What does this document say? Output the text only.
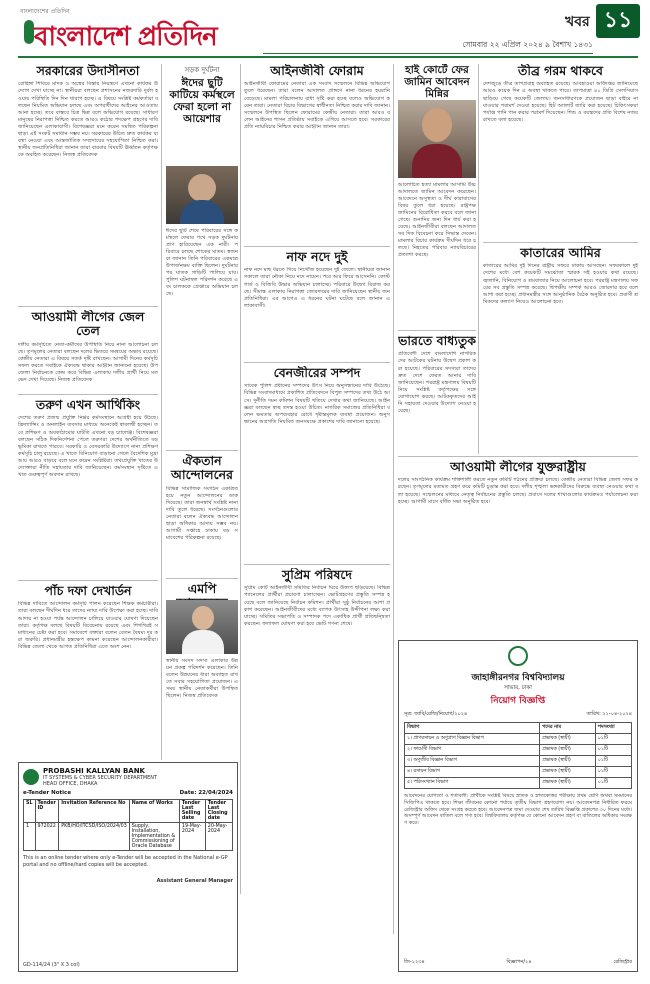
বাংলাদেশের প্রতিদিন
বাংলাদেশ প্রতিদিন	খবর ১১
সোমবার ২২ এপ্রিল ২০২৪ ৯ বৈশাখ ১৪৩১
সরকারের উদাসীনতা
রোহিঙ্গা শিবিরে মাদক ও অস্ত্রের বিস্তার নিয়ন্ত্রণে এখনো কার্যকর উদ্যোগ দেখা যাচ্ছে না। স্থানীয়রা বলছেন প্রশাসনের নজরদারি দুর্বল হওয়ায় পরিস্থিতি দিন দিন খারাপ হচ্ছে। এ বিষয়ে সংশ্লিষ্ট কর্মকর্তারা বলছেন নিয়মিত অভিযান চলছে এবং অপরাধীদের আইনের আওতায় আনা হচ্ছে। তবে বাস্তবে চিত্র ভিন্ন বলে অভিযোগ রয়েছে। সাধারণ মানুষের নিরাপত্তা নিশ্চিত করতে আরও কঠোর পদক্ষেপ গ্রহণের দাবি জানিয়েছেন এলাকাবাসী। বিশেষজ্ঞরা মনে করেন সমন্বিত পরিকল্পনা ছাড়া এই সংকট সমাধান সম্ভব নয়। সরকারের উচিত দ্রুত কার্যকর ব্যবস্থা নেওয়া এবং আন্তর্জাতিক সম্প্রদায়ের সহযোগিতা নিশ্চিত করা। স্থানীয় জনপ্রতিনিধিরা জানান তারা বারবার বিষয়টি ঊর্ধ্বতন কর্তৃপক্ষকে অবহিত করেছেন। নিজস্ব প্রতিবেদক
আওয়ামী লীগের জেল তেল
দলীয় কর্মসূচিতে নেতা-কর্মীদের উপস্থিতি নিয়ে নানা আলোচনা চলছে। তৃণমূলের নেতারা বলছেন দলের ভিতরে সমন্বয়ের অভাব রয়েছে। কেন্দ্রীয় নেতারা এ বিষয়ে সতর্ক দৃষ্টি রাখছেন। আগামী দিনের কর্মসূচি সফল করতে সবাইকে ঐক্যবদ্ধ থাকার আহ্বান জানানো হয়েছে। উপজেলা নির্বাচনকে কেন্দ্র করে বিভিন্ন এলাকায় দলীয় প্রার্থী নিয়ে মতভেদ দেখা দিয়েছে। নিজস্ব প্রতিবেদক
তরুণ এখন আর্থিকিং
দেশের তরুণ প্রজন্ম প্রযুক্তি নির্ভর কর্মসংস্থানে আগ্রহী হয়ে উঠছে। ফ্রিল্যান্সিং ও অনলাইন ব্যবসার মাধ্যমে অনেকেই স্বাবলম্বী হচ্ছেন। তবে প্রশিক্ষণ ও অবকাঠামোর ঘাটতি এখনো বড় চ্যালেঞ্জ। বিশেষজ্ঞরা বলছেন সঠিক দিকনির্দেশনা পেলে তরুণরা দেশের অর্থনীতিতে বড় ভূমিকা রাখতে পারবে। সরকারি ও বেসরকারি উদ্যোগে নানা প্রশিক্ষণ কর্মসূচি চালু রয়েছে। এ খাতে বিনিয়োগ বাড়ানো গেলে বৈদেশিক মুদ্রা আয় আরও বাড়বে বলে মনে করেন সংশ্লিষ্টরা। তথ্যপ্রযুক্তি খাতের উদ্যোক্তারা নীতি সহায়তার দাবি জানিয়েছেন। কর্মসংস্থান সৃষ্টিতে এ খাত গুরুত্বপূর্ণ অবদান রাখছে।
পাঁচ দফা দেখার্ডন
বিভিন্ন দাবিতে আন্দোলন কর্মসূচি পালন করেছেন শিক্ষক কর্মচারীরা। তারা বলছেন দীর্ঘদিন ধরে তাদের ন্যায্য দাবি উপেক্ষা করা হচ্ছে। দাবি আদায় না হওয়া পর্যন্ত আন্দোলন চালিয়ে যাওয়ার ঘোষণা দিয়েছেন তারা। কর্তৃপক্ষ বলছে বিষয়টি বিবেচনায় রয়েছে এবং শিগগিরই সমাধানের চেষ্টা করা হবে। সমাবেশে বক্তারা বলেন বেতন বৈষম্য দূর করা জরুরি। প্রধানমন্ত্রীর হস্তক্ষেপ কামনা করেছেন আন্দোলনকারীরা। বিভিন্ন জেলা থেকে আগত প্রতিনিধিরা এতে অংশ নেন।
সড়ক দুর্ঘটনা
ঈদের ছুটি কাটিয়ে কর্মস্থলে ফেরা হলো না আয়েশার
ঈদের ছুটি শেষে পরিবারের সঙ্গে কর্মস্থলে ফেরার পথে সড়ক দুর্ঘটনায় প্রাণ হারিয়েছেন এক নারী। পরিবারে চলছে শোকের মাতম। স্বজনরা জানান তিনি পরিবারের একমাত্র উপার্জনক্ষম ব্যক্তি ছিলেন। দুর্ঘটনার পর ঘাতক গাড়িটি পালিয়ে যায়। পুলিশ ঘটনাস্থল পরিদর্শন করেছে এবং চালককে গ্রেপ্তারে অভিযান চলছে।
ঐকতান আন্দোলনের
বিভিন্ন সামাজিক সংগঠন একত্রিত হয়ে নতুন আন্দোলনের ডাক দিয়েছে। তারা জনস্বার্থ সংশ্লিষ্ট নানা দাবি তুলে ধরেছে। সংগঠনগুলোর নেতারা বলেন ঐক্যবদ্ধ আন্দোলন ছাড়া অধিকার আদায় সম্ভব নয়। আগামী সপ্তাহে ঢাকায় বড় সমাবেশের পরিকল্পনা রয়েছে।
এমপি
স্থানীয় সংসদ সদস্য এলাকার উন্নয়ন প্রকল্প পরিদর্শন করেছেন। তিনি বলেন উন্নয়নের ধারা অব্যাহত রাখতে সবার সহযোগিতা প্রয়োজন। এ সময় স্থানীয় নেতাকর্মীরা উপস্থিত ছিলেন। নিজস্ব প্রতিবেদক
আইনজীবী ফোরাম
আইনজীবী ফোরামের নেতারা এক সংবাদ সম্মেলনে বিভিন্ন অভিযোগ তুলে ধরেছেন। তারা বলেন আদালত প্রাঙ্গণে নানা ধরনের হয়রানি বেড়েছে। মামলা পরিচালনায় বাধা সৃষ্টি করা হচ্ছে বলেও অভিযোগ করেন তারা। নেতারা বিচার বিভাগের স্বাধীনতা নিশ্চিত করার দাবি জানান। সম্মেলনে উপস্থিত ছিলেন ফোরামের কেন্দ্রীয় নেতারা। তারা আরও বলেন আইনের শাসন প্রতিষ্ঠায় সবাইকে এগিয়ে আসতে হবে। সরকারের প্রতি ন্যায়বিচার নিশ্চিত করার আহ্বান জানান তারা।
নাফ নদে দুই
নাফ নদে মাছ ধরতে গিয়ে নিখোঁজ হয়েছেন দুই জেলে। স্থানীয়রা জানান সকালে তারা নৌকা নিয়ে নদে নামেন। পরে আর ফিরে আসেননি। কোস্টগার্ড ও বিজিবি উদ্ধার অভিযান চালাচ্ছে। পরিবারে উদ্বেগ বিরাজ করছে। সীমান্ত এলাকায় নিরাপত্তা জোরদারের দাবি জানিয়েছেন স্থানীয় জনপ্রতিনিধিরা। এর আগেও এ ধরনের ঘটনা ঘটেছে বলে জানান এলাকাবাসী।
বেনজীরের সম্পদ
সাবেক পুলিশ প্রধানের সম্পদের উৎস নিয়ে অনুসন্ধানের দাবি উঠেছে। বিভিন্ন সংবাদমাধ্যমে প্রকাশিত প্রতিবেদনে বিপুল সম্পদের তথ্য উঠে আসে। দুর্নীতি দমন কমিশন বিষয়টি খতিয়ে দেখার কথা জানিয়েছে। আইনজ্ঞরা বলছেন স্বচ্ছ তদন্ত হওয়া উচিত। নাগরিক সমাজের প্রতিনিধিরা বলেন ক্ষমতার অপব্যবহার রোধে দৃষ্টান্তমূলক ব্যবস্থা প্রয়োজন। অনুসন্ধানের অগ্রগতি নিয়মিত জনসমক্ষে প্রকাশের দাবি জানানো হয়েছে।
সুপ্রিম পরিষদে
সুপ্রিম কোর্ট আইনজীবী সমিতির নির্বাচন ঘিরে উত্তাপ ছড়িয়েছে। বিভিন্ন প্যানেলের প্রার্থীরা প্রচারণা চালাচ্ছেন। ভোটগ্রহণের প্রস্তুতি সম্পন্ন হয়েছে বলে জানিয়েছে নির্বাচন কমিশন। প্রার্থীরা সুষ্ঠু নির্বাচনের আশা প্রকাশ করেছেন। আইনজীবীদের মধ্যে ব্যাপক উৎসাহ উদ্দীপনা লক্ষ্য করা যাচ্ছে। সমিতির সভাপতি ও সম্পাদক পদে একাধিক প্রার্থী প্রতিদ্বন্দ্বিতা করছেন। ফলাফল ঘোষণা করা হবে ভোট গণনা শেষে।
হাই কোর্টে ফের জামিন আবেদন মিন্নির
আলোচিত হত্যা মামলার আসামি উচ্চ আদালতে জামিন আবেদন করেছেন। আবেদনে অসুস্থতা ও দীর্ঘ কারাবাসের বিষয় তুলে ধরা হয়েছে। রাষ্ট্রপক্ষ জামিনের বিরোধিতা করবে বলে জানা গেছে। শুনানির জন্য দিন ধার্য করা হয়েছে। আইনজীবীরা বলছেন আদালত সব দিক বিবেচনা করে সিদ্ধান্ত দেবেন। মামলার বিচার কার্যক্রম দীর্ঘদিন ধরে চলছে। নিহতের পরিবার ন্যায়বিচারের প্রত্যাশা করছে।
ভারতে বাধ্যতুক
প্রতিবেশী দেশে বাংলাদেশি নাগরিকদের আটকের ঘটনায় উদ্বেগ প্রকাশ করা হয়েছে। পরিবারের সদস্যরা তাদের দ্রুত দেশে ফেরত আনার দাবি জানিয়েছেন। পররাষ্ট্র মন্ত্রণালয় বিষয়টি নিয়ে সংশ্লিষ্ট কর্তৃপক্ষের সঙ্গে যোগাযোগ করছে। আটককৃতদের আইনি সহায়তা দেওয়ার উদ্যোগ নেওয়া হয়েছে।
তীব্র গরম থাকবে
দেশজুড়ে তীব্র তাপপ্রবাহ অব্যাহত রয়েছে। আবহাওয়া অধিদপ্তর জানিয়েছে আরও কয়েক দিন এ অবস্থা থাকতে পারে। তাপমাত্রা ৪০ ডিগ্রি সেলসিয়াস ছাড়িয়ে গেছে কয়েকটি জেলায়। জনসাধারণকে প্রয়োজন ছাড়া বাইরে না যাওয়ার পরামর্শ দেওয়া হয়েছে। হিট অ্যালার্ট জারি করা হয়েছে। চিকিৎসকরা পর্যাপ্ত পানি পান করার পরামর্শ দিয়েছেন। শিশু ও বয়স্কদের প্রতি বিশেষ নজর রাখতে বলা হয়েছে।
কাতারের আমির
কাতারের আমির দুই দিনের রাষ্ট্রীয় সফরে ঢাকায় আসছেন। সফরকালে দুই দেশের মধ্যে বেশ কয়েকটি সমঝোতা স্মারক সই হওয়ার কথা রয়েছে। জ্বালানি, বিনিয়োগ ও শ্রমবাজার নিয়ে আলোচনা হবে। পররাষ্ট্র মন্ত্রণালয় সফরের সব প্রস্তুতি সম্পন্ন করেছে। দ্বিপক্ষীয় সম্পর্ক আরও জোরদার হবে বলে আশা করা হচ্ছে। প্রধানমন্ত্রীর সঙ্গে আনুষ্ঠানিক বৈঠক অনুষ্ঠিত হবে। প্রবাসী শ্রমিকদের কল্যাণ নিয়েও আলোচনা হবে।
আওয়ামী লীগের যুক্তরাষ্ট্রীয়
দলের সাংগঠনিক কার্যক্রম শক্তিশালী করতে নতুন কমিটি গঠনের প্রক্রিয়া চলছে। কেন্দ্রীয় নেতারা বিভিন্ন জেলা সফর করছেন। তৃণমূলের মতামত গ্রহণ করে কমিটি চূড়ান্ত করা হবে। দলীয় শৃঙ্খলা ভঙ্গকারীদের বিরুদ্ধে ব্যবস্থা নেওয়ার কথা বলা হয়েছে। সম্মেলনের মাধ্যমে নেতৃত্ব নির্বাচনের প্রস্তুতি চলছে। প্রবাসে দলের শাখাগুলোর কার্যক্রমও পর্যালোচনা করা হচ্ছে। আগামী মাসে বর্ধিত সভা অনুষ্ঠিত হবে।
PROBASHI KALLYAN BANK
IT SYSTEMS & CYBER SECURITY DEPARTMENT
HEAD OFFICE, DHAKA
e-Tender Notice	Date: 22/04/2024
SL	Tender ID	Invitation Reference No	Name of Works	Tender Last Selling date	Tender Last Closing date
1	972022	PKB/HO/ITCSD/ISO/2024/03	Supply, Installation, Implementation & Commissioning of Oracle Database	19-May-2024	20-May-2024
This is an online tender where only e-Tender will be accepted in the National e-GP portal and no offline/hard copies will be accepted.
Assistant General Manager
GD-114/24 (3" X 3 col)
জাহাঙ্গীরনগর বিশ্ববিদ্যালয়
সাভার, ঢাকা
নিয়োগ বিজ্ঞপ্তি
সূত্র: জাবি/রেজি/নিয়োগ/২০২৪	তারিখ: ২১-০৪-২০২৪
বিভাগ	পদের নাম	পদসংখ্যা
১। প্রাণরসায়ন ও অণুপ্রাণ বিজ্ঞান বিভাগ	প্রভাষক (স্থায়ী)	০১টি
২। ফার্মেসী বিভাগ	প্রভাষক (স্থায়ী)	০১টি
৩। অণুজীব বিজ্ঞান বিভাগ	প্রভাষক (স্থায়ী)	০১টি
৪। রসায়ন বিভাগ	প্রভাষক (স্থায়ী)	০১টি
৫। পরিসংখ্যান বিভাগ	প্রভাষক (স্থায়ী)	০১টি
আবেদনের যোগ্যতা ও শর্তাবলী: প্রার্থীকে সংশ্লিষ্ট বিষয়ে স্নাতক ও স্নাতকোত্তর পরীক্ষায় প্রথম শ্রেণি অথবা সমমানের সিজিপিএ থাকতে হবে। শিক্ষা জীবনের কোনো পর্যায়ে তৃতীয় বিভাগ গ্রহণযোগ্য নয়। আবেদনপত্র নির্ধারিত ফরমে রেজিস্ট্রার অফিস থেকে সংগ্রহ করতে হবে। আবেদনপত্র জমা দেওয়ার শেষ তারিখ বিজ্ঞপ্তি প্রকাশের ৩০ দিনের মধ্যে। অসম্পূর্ণ আবেদন বাতিল বলে গণ্য হবে। বিশ্ববিদ্যালয় কর্তৃপক্ষ যে কোনো আবেদন গ্রহণ বা বাতিলের অধিকার সংরক্ষণ করে।
জি-১২৩৪	বিজ্ঞাপন/২৪	রেজিস্ট্রার
